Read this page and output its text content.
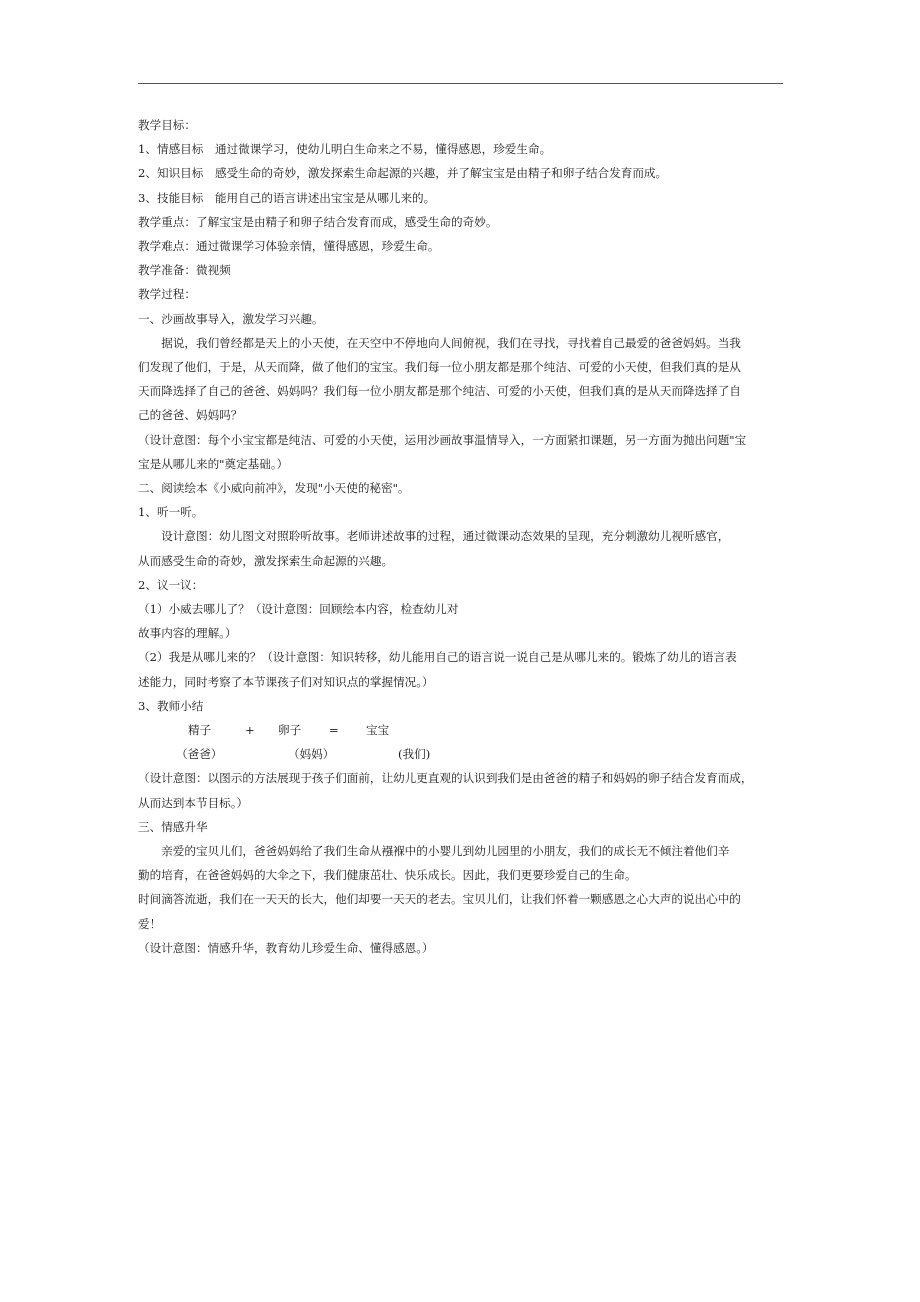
教学目标：

1、情感目标　通过微课学习，使幼儿明白生命来之不易，懂得感恩，珍爱生命。

2、知识目标　感受生命的奇妙，激发探索生命起源的兴趣，并了解宝宝是由精子和卵子结合发育而成。

3、技能目标　能用自己的语言讲述出宝宝是从哪儿来的。

教学重点：了解宝宝是由精子和卵子结合发育而成，感受生命的奇妙。

教学难点：通过微课学习体验亲情，懂得感恩，珍爱生命。

教学准备：微视频

教学过程：

一、沙画故事导入，激发学习兴趣。

据说，我们曾经都是天上的小天使，在天空中不停地向人间俯视，我们在寻找，寻找着自己最爱的爸爸妈妈。当我

们发现了他们，于是，从天而降，做了他们的宝宝。我们每一位小朋友都是那个纯洁、可爱的小天使，但我们真的是从

天而降选择了自己的爸爸、妈妈吗？我们每一位小朋友都是那个纯洁、可爱的小天使，但我们真的是从天而降选择了自

己的爸爸、妈妈吗？

（设计意图：每个小宝宝都是纯洁、可爱的小天使，运用沙画故事温情导入，一方面紧扣课题，另一方面为抛出问题"宝

宝是从哪儿来的"奠定基础。）

二、阅读绘本《小威向前冲》，发现"小天使的秘密"。

1、听一听。

设计意图：幼儿图文对照聆听故事。老师讲述故事的过程，通过微课动态效果的呈现，充分刺激幼儿视听感官，

从而感受生命的奇妙，激发探索生命起源的兴趣。

2、议一议：

（1）小威去哪儿了？（设计意图：回顾绘本内容，检查幼儿对

故事内容的理解。）

（2）我是从哪儿来的？（设计意图：知识转移，幼儿能用自己的语言说一说自己是从哪儿来的。锻炼了幼儿的语言表

述能力，同时考察了本节课孩子们对知识点的掌握情况。）

3、教师小结

精子	+ 卵子 = 宝宝
（爸爸）	（妈妈）	(我们)

（设计意图：以图示的方法展现于孩子们面前，让幼儿更直观的认识到我们是由爸爸的精子和妈妈的卵子结合发育而成，

从而达到本节目标。）

三、情感升华

亲爱的宝贝儿们，爸爸妈妈给了我们生命从襁褓中的小婴儿到幼儿园里的小朋友，我们的成长无不倾注着他们辛

勤的培育，在爸爸妈妈的大伞之下，我们健康茁壮、快乐成长。因此，我们更要珍爱自己的生命。

时间滴答流逝，我们在一天天的长大，他们却要一天天的老去。宝贝儿们，让我们怀着一颗感恩之心大声的说出心中的

爱！

（设计意图：情感升华，教育幼儿珍爱生命、懂得感恩。）
